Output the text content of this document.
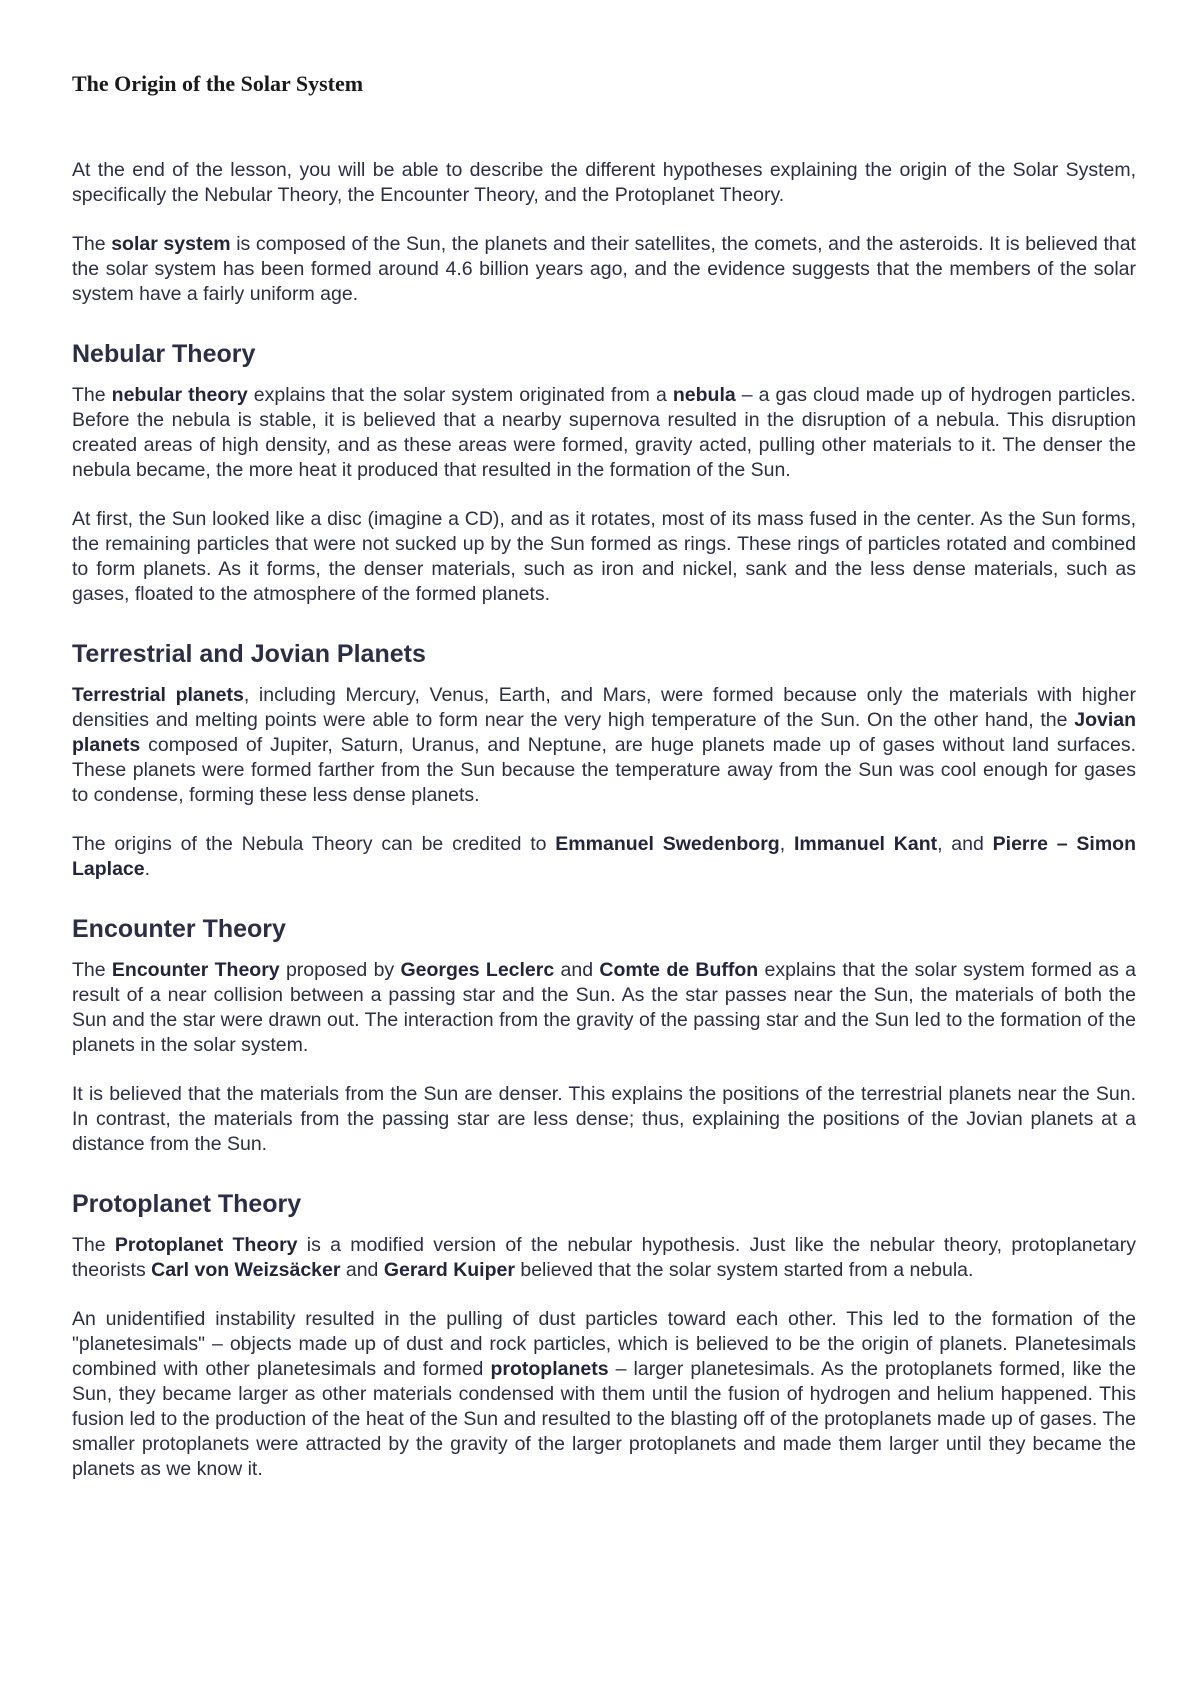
The Origin of the Solar System

At the end of the lesson, you will be able to describe the different hypotheses explaining the origin of the Solar System, specifically the Nebular Theory, the Encounter Theory, and the Protoplanet Theory.

The solar system is composed of the Sun, the planets and their satellites, the comets, and the asteroids. It is believed that the solar system has been formed around 4.6 billion years ago, and the evidence suggests that the members of the solar system have a fairly uniform age.

Nebular Theory

The nebular theory explains that the solar system originated from a nebula – a gas cloud made up of hydrogen particles. Before the nebula is stable, it is believed that a nearby supernova resulted in the disruption of a nebula. This disruption created areas of high density, and as these areas were formed, gravity acted, pulling other materials to it. The denser the nebula became, the more heat it produced that resulted in the formation of the Sun.

At first, the Sun looked like a disc (imagine a CD), and as it rotates, most of its mass fused in the center. As the Sun forms, the remaining particles that were not sucked up by the Sun formed as rings. These rings of particles rotated and combined to form planets. As it forms, the denser materials, such as iron and nickel, sank and the less dense materials, such as gases, floated to the atmosphere of the formed planets.

Terrestrial and Jovian Planets

Terrestrial planets, including Mercury, Venus, Earth, and Mars, were formed because only the materials with higher densities and melting points were able to form near the very high temperature of the Sun. On the other hand, the Jovian planets composed of Jupiter, Saturn, Uranus, and Neptune, are huge planets made up of gases without land surfaces. These planets were formed farther from the Sun because the temperature away from the Sun was cool enough for gases to condense, forming these less dense planets.

The origins of the Nebula Theory can be credited to Emmanuel Swedenborg, Immanuel Kant, and Pierre – Simon Laplace.

Encounter Theory

The Encounter Theory proposed by Georges Leclerc and Comte de Buffon explains that the solar system formed as a result of a near collision between a passing star and the Sun. As the star passes near the Sun, the materials of both the Sun and the star were drawn out. The interaction from the gravity of the passing star and the Sun led to the formation of the planets in the solar system.

It is believed that the materials from the Sun are denser. This explains the positions of the terrestrial planets near the Sun. In contrast, the materials from the passing star are less dense; thus, explaining the positions of the Jovian planets at a distance from the Sun.

Protoplanet Theory

The Protoplanet Theory is a modified version of the nebular hypothesis. Just like the nebular theory, protoplanetary theorists Carl von Weizsäcker and Gerard Kuiper believed that the solar system started from a nebula.

An unidentified instability resulted in the pulling of dust particles toward each other. This led to the formation of the "planetesimals" – objects made up of dust and rock particles, which is believed to be the origin of planets. Planetesimals combined with other planetesimals and formed protoplanets – larger planetesimals. As the protoplanets formed, like the Sun, they became larger as other materials condensed with them until the fusion of hydrogen and helium happened. This fusion led to the production of the heat of the Sun and resulted to the blasting off of the protoplanets made up of gases. The smaller protoplanets were attracted by the gravity of the larger protoplanets and made them larger until they became the planets as we know it.
